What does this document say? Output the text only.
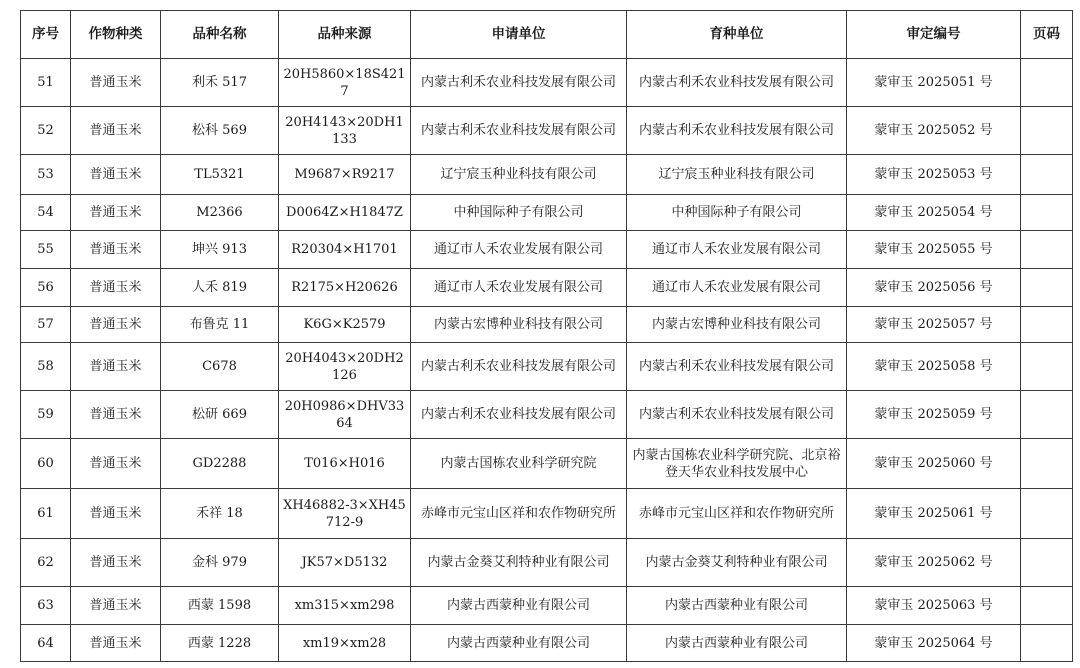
序号	作物种类	品种名称	品种来源	申请单位	育种单位	审定编号	页码
51	普通玉米	利禾 517	20H5860×18S4217	内蒙古利禾农业科技发展有限公司	内蒙古利禾农业科技发展有限公司	蒙审玉 2025051 号	
52	普通玉米	松科 569	20H4143×20DH1133	内蒙古利禾农业科技发展有限公司	内蒙古利禾农业科技发展有限公司	蒙审玉 2025052 号	
53	普通玉米	TL5321	M9687×R9217	辽宁宸玉种业科技有限公司	辽宁宸玉种业科技有限公司	蒙审玉 2025053 号	
54	普通玉米	M2366	D0064Z×H1847Z	中种国际种子有限公司	中种国际种子有限公司	蒙审玉 2025054 号	
55	普通玉米	坤兴 913	R20304×H1701	通辽市人禾农业发展有限公司	通辽市人禾农业发展有限公司	蒙审玉 2025055 号	
56	普通玉米	人禾 819	R2175×H20626	通辽市人禾农业发展有限公司	通辽市人禾农业发展有限公司	蒙审玉 2025056 号	
57	普通玉米	布鲁克 11	K6G×K2579	内蒙古宏博种业科技有限公司	内蒙古宏博种业科技有限公司	蒙审玉 2025057 号	
58	普通玉米	C678	20H4043×20DH2126	内蒙古利禾农业科技发展有限公司	内蒙古利禾农业科技发展有限公司	蒙审玉 2025058 号	
59	普通玉米	松研 669	20H0986×DHV3364	内蒙古利禾农业科技发展有限公司	内蒙古利禾农业科技发展有限公司	蒙审玉 2025059 号	
60	普通玉米	GD2288	T016×H016	内蒙古国栋农业科学研究院	内蒙古国栋农业科学研究院、北京裕登天华农业科技发展中心	蒙审玉 2025060 号	
61	普通玉米	禾祥 18	XH46882-3×XH45712-9	赤峰市元宝山区祥和农作物研究所	赤峰市元宝山区祥和农作物研究所	蒙审玉 2025061 号	
62	普通玉米	金科 979	JK57×D5132	内蒙古金葵艾利特种业有限公司	内蒙古金葵艾利特种业有限公司	蒙审玉 2025062 号	
63	普通玉米	西蒙 1598	xm315×xm298	内蒙古西蒙种业有限公司	内蒙古西蒙种业有限公司	蒙审玉 2025063 号	
64	普通玉米	西蒙 1228	xm19×xm28	内蒙古西蒙种业有限公司	内蒙古西蒙种业有限公司	蒙审玉 2025064 号	
